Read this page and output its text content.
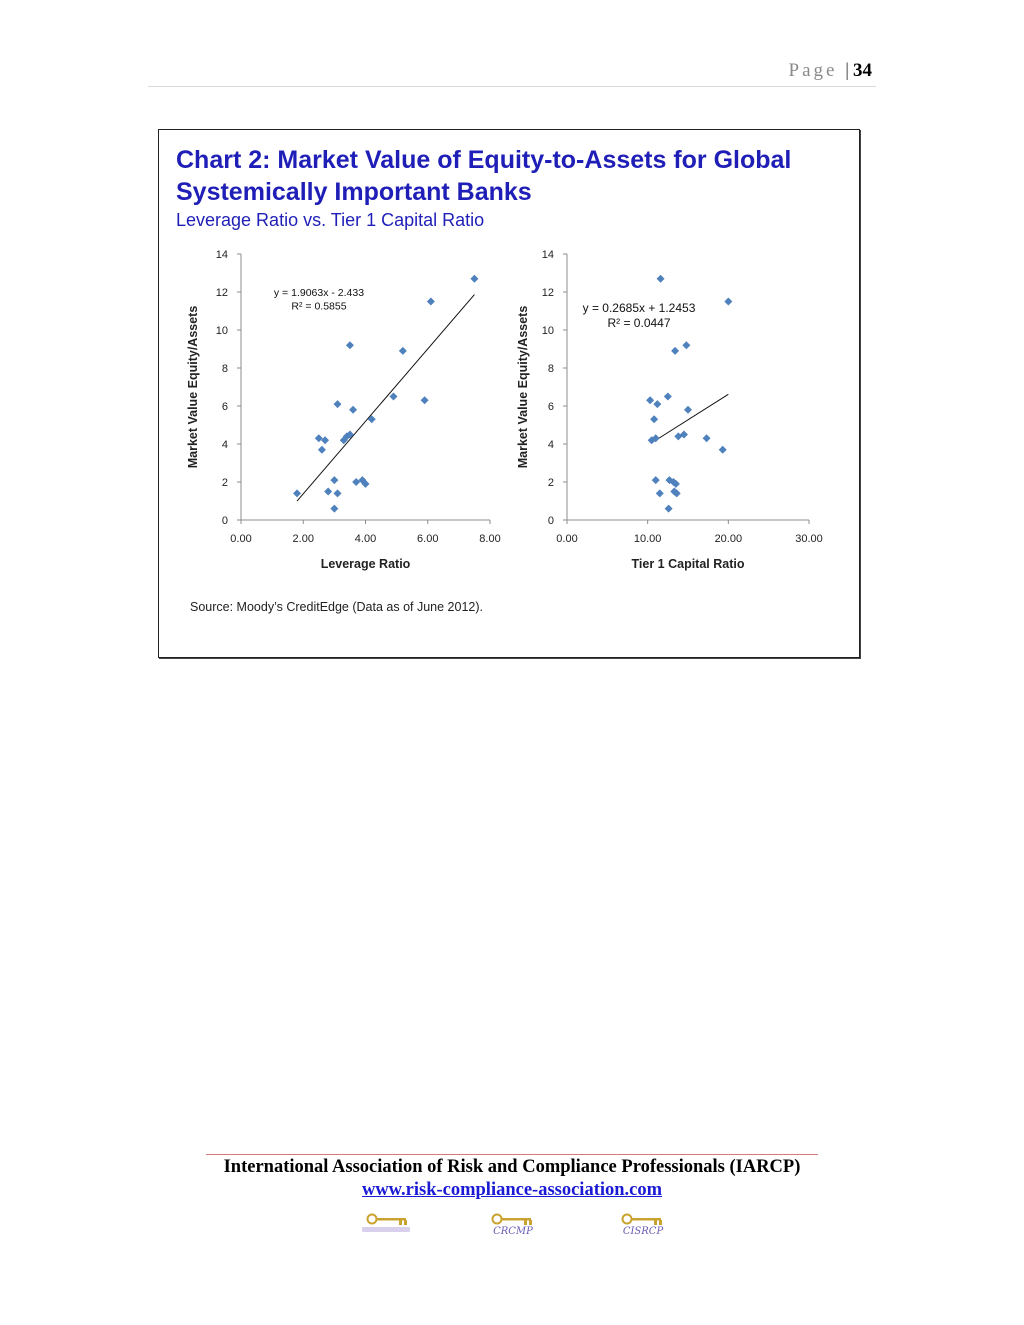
Page | 34
Chart 2: Market Value of Equity-to-Assets for Global Systemically Important Banks
Leverage Ratio vs. Tier 1 Capital Ratio
0
2
4
6
8
10
12
14
0.00	2.00	4.00	6.00	8.00
Leverage Ratio
Market Value Equity/Assets
y = 1.9063x - 2.433
R² = 0.5855
0
2
4
6
8
10
12
14
0.00	10.00	20.00	30.00
Tier 1 Capital Ratio
Market Value Equity/Assets	y = 0.2685x + 1.2453
R² = 0.0447
Source: Moody’s CreditEdge (Data as of June 2012).
International Association of Risk and Compliance Professionals (IARCP)
www.risk-compliance-association.com
CRCMP	CISRCP
